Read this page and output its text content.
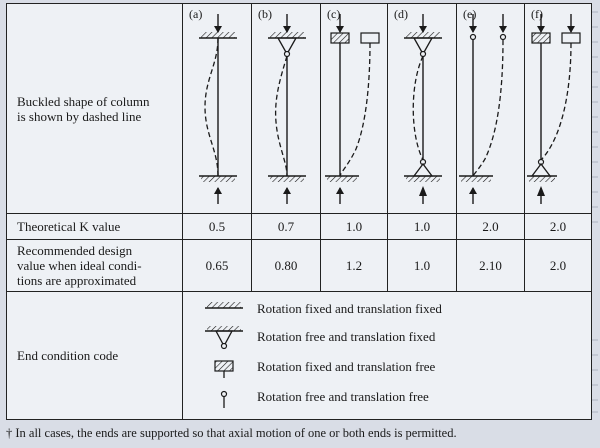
Buckled shape of column
is shown by dashed line	(a)	(b)	(c)	(d)	(e)	(f)

Theoretical K value	0.5	0.7	1.0	1.0	2.0	2.0

Recommended design
value when ideal condi-
tions are approximated	0.65	0.80	1.2	1.0	2.10	2.0
End condition code	Rotation fixed and translation fixed
Rotation free and translation fixed
Rotation fixed and translation free
Rotation free and translation free					
† In all cases, the ends are supported so that axial motion of one or both ends is permitted.
